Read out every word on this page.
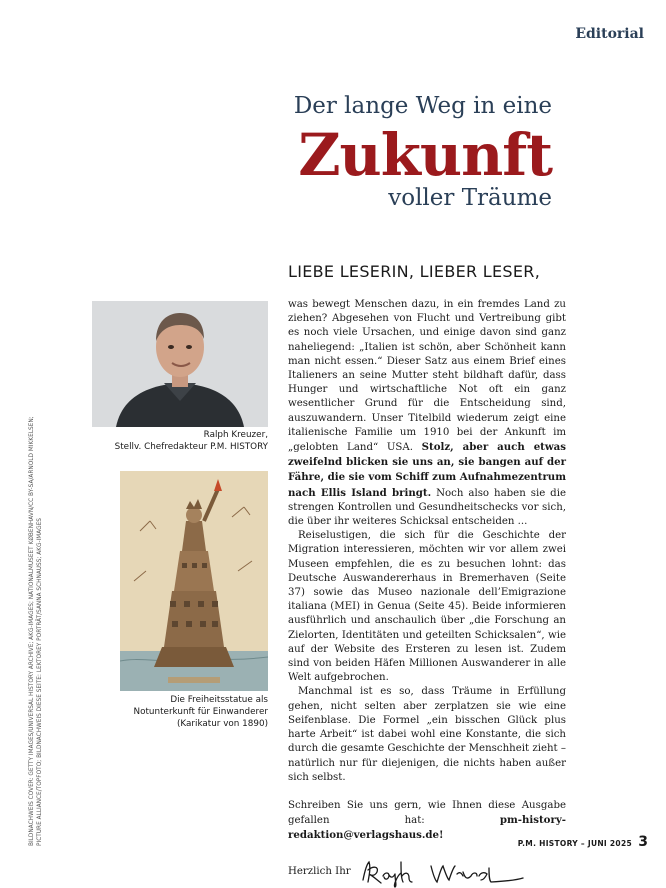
Editorial
Der lange Weg in eine
Zukunft
voller Träume
LIEBE LESERIN, LIEBER LESER,

was bewegt Menschen dazu, in ein fremdes Land zu ziehen? Abgesehen von Flucht und Vertreibung gibt es noch viele Ursachen, und einige davon sind ganz naheliegend: „Italien ist schön, aber Schönheit kann man nicht essen.“ Dieser Satz aus einem Brief eines Italieners an seine Mutter steht bildhaft dafür, dass Hunger und wirtschaftliche Not oft ein ganz wesentlicher Grund für die Entscheidung sind, auszuwandern. Unser Titelbild wiederum zeigt eine italienische Familie um 1910 bei der Ankunft im „gelobten Land“ USA. Stolz, aber auch etwas zweifelnd blicken sie uns an, sie bangen auf der Fähre, die sie vom Schiff zum Aufnahmezentrum nach Ellis Island bringt. Noch also haben sie die strengen Kontrollen und Gesundheitschecks vor sich, die über ihr weiteres Schicksal entscheiden ...

Reiselustigen, die sich für die Geschichte der Migration interessieren, möchten wir vor allem zwei Museen empfehlen, die es zu besuchen lohnt: das Deutsche Auswandererhaus in Bremerhaven (Seite 37) sowie das Museo nazionale dell’Emigrazione italiana (MEI) in Genua (Seite 45). Beide informieren ausführlich und anschaulich über „die Forschung an Zielorten, Identitäten und geteilten Schicksalen“, wie auf der Website des Ersteren zu lesen ist. Zudem sind von beiden Häfen Millionen Auswanderer in alle Welt aufgebrochen.

Manchmal ist es so, dass Träume in Erfüllung gehen, nicht selten aber zerplatzen sie wie eine Seifenblase. Die Formel „ein bisschen Glück plus harte Arbeit“ ist dabei wohl eine Konstante, die sich durch die gesamte Geschichte der Menschheit zieht – natürlich nur für diejenigen, die nichts haben außer sich selbst.

Schreiben Sie uns gern, wie Ihnen diese Ausgabe gefallen hat:	pm-history-redaktion@verlagshaus.de!

Herzlich Ihr
Ralph Kreuzer,
Stellv. Chefredakteur P.M. HISTORY
Die Freiheitsstatue als
Notunterkunft für Einwanderer
(Karikatur von 1890)
BILDNACHWEIS COVER: GETTY IMAGES/UNIVERSAL HISTORY ARCHIVE; AKG-IMAGES; NATIONALMUSEET KØBENHAVN/CC BY-SA/ARNOLD MIKKELSEN; PICTURE ALLIANCE/TOPFOTO; BILDNACHWEIS DIESE SEITE: LEKTOREY PORTRÄT/SANNA SCHNAUSS; AKG-IMAGES	P.M. HISTORY – JUNI 2025 3
